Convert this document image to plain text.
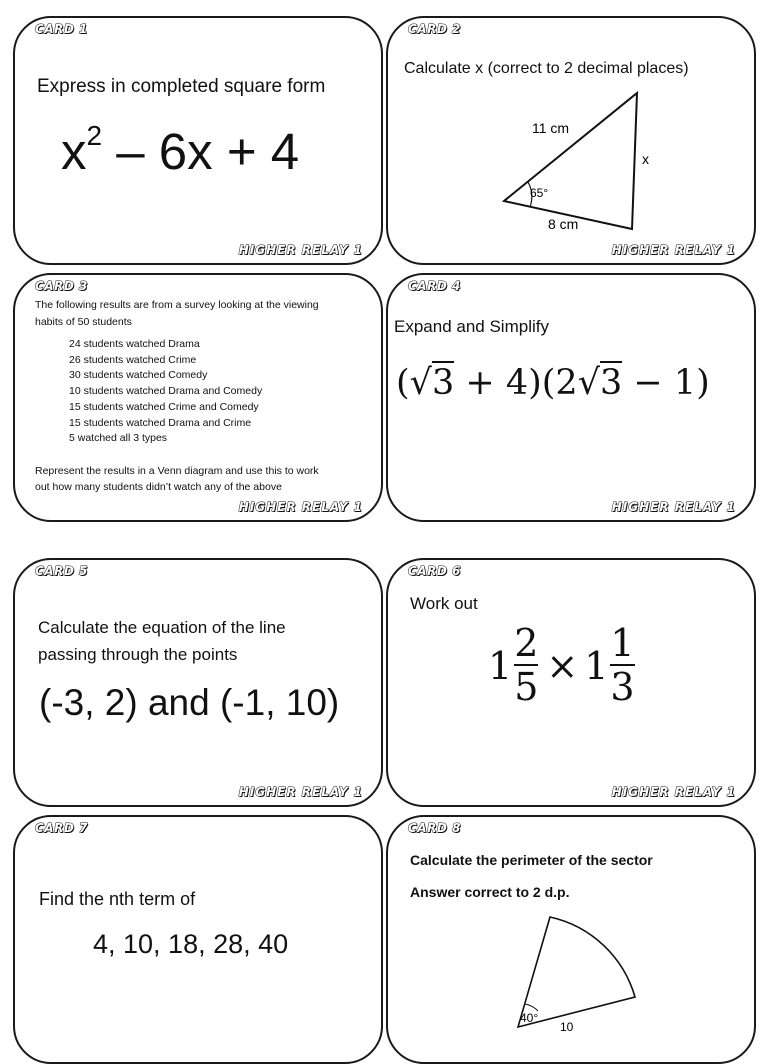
CARD 1
Express in completed square form
$x^2 - 6x + 4$
HIGHER RELAY 1
CARD 2
Calculate x (correct to 2 decimal places)
11 cm
x
65°
8 cm
HIGHER RELAY 1
CARD 3
The following results are from a survey looking at the viewing
habits of 50 students
24 students watched Drama
26 students watched Crime
30 students watched Comedy
10 students watched Drama and Comedy
15 students watched Crime and Comedy
15 students watched Drama and Crime
5 watched all 3 types
Represent the results in a Venn diagram and use this to work
out how many students didn’t watch any of the above
HIGHER RELAY 1
CARD 4
Expand and Simplify
(√3 + 4)(2√3 − 1)
HIGHER RELAY 1
CARD 5
Calculate the equation of the line
passing through the points
(-3, 2) and (-1, 10)
HIGHER RELAY 1
CARD 6
Work out
$1 \frac{2}{5} \times 1 \frac{1}{3}$
HIGHER RELAY 1
CARD 7
Find the nth term of
4, 10, 18, 28, 40
CARD 8
Calculate the perimeter of the sector
Answer correct to 2 d.p.
40°
10
